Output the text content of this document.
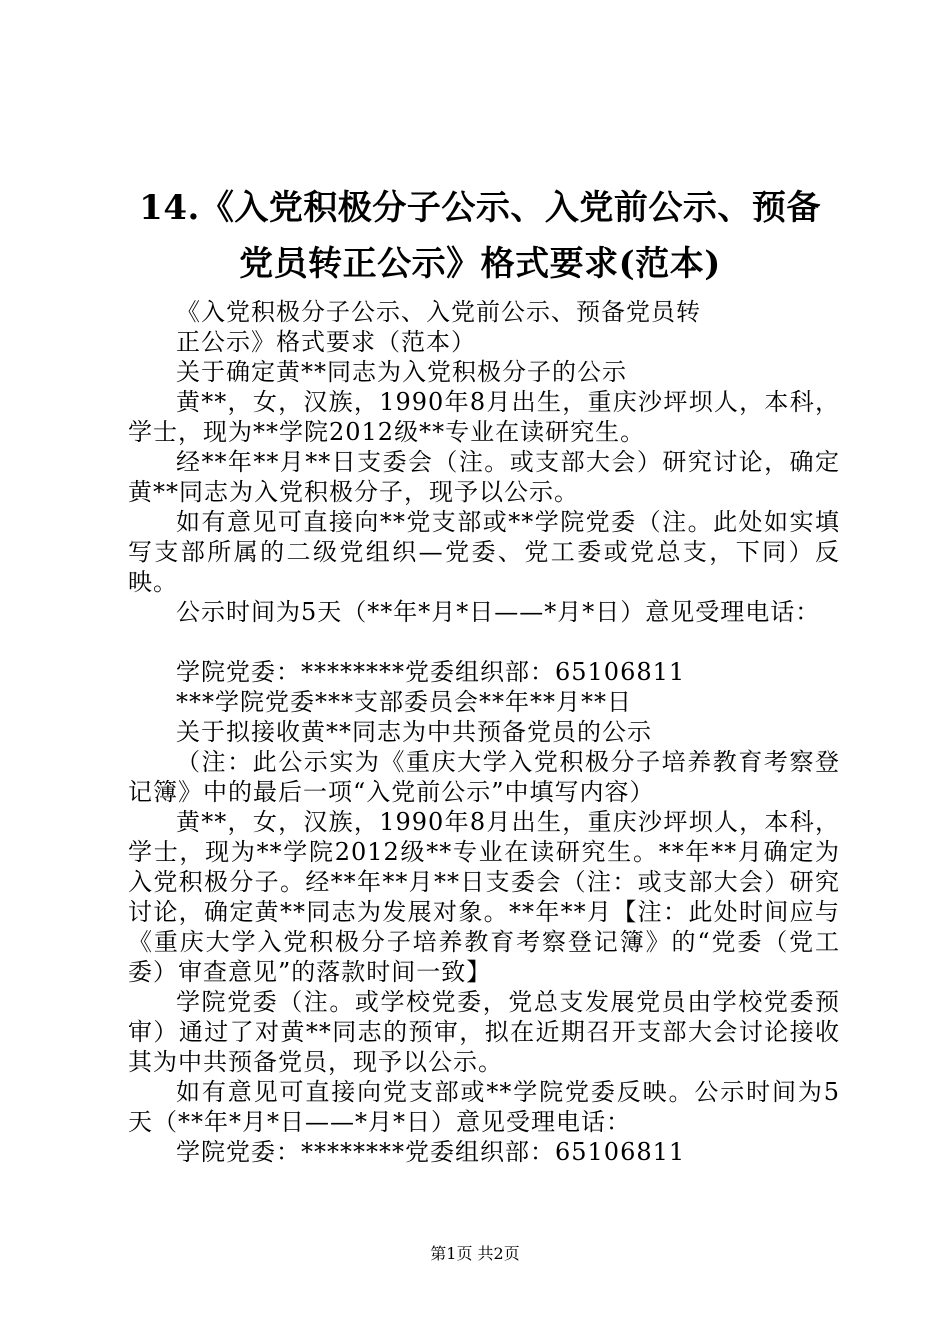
14.《入党积极分子公示、入党前公示、预备
党员转正公示》格式要求(范本)

《入党积极分子公示、入党前公示、预备党员转

正公示》格式要求（范本）

关于确定黄**同志为入党积极分子的公示

黄**，女，汉族，1990年8月出生，重庆沙坪坝人，本科，学士，现为**学院2012级**专业在读研究生。

经**年**月**日支委会（注。或支部大会）研究讨论，确定黄**同志为入党积极分子，现予以公示。

如有意见可直接向**党支部或**学院党委（注。此处如实填写支部所属的二级党组织—党委、党工委或党总支，下同）反映。

公示时间为5天（**年*月*日——*月*日）意见受理电话：

学院党委：********党委组织部：65106811

***学院党委***支部委员会**年**月**日

关于拟接收黄**同志为中共预备党员的公示

（注：此公示实为《重庆大学入党积极分子培养教育考察登记簿》中的最后一项“入党前公示”中填写内容）

黄**，女，汉族，1990年8月出生，重庆沙坪坝人，本科，学士，现为**学院2012级**专业在读研究生。**年**月确定为入党积极分子。经**年**月**日支委会（注：或支部大会）研究讨论，确定黄**同志为发展对象。**年**月【注：此处时间应与《重庆大学入党积极分子培养教育考察登记簿》的“党委（党工委）审查意见”的落款时间一致】

学院党委（注。或学校党委，党总支发展党员由学校党委预审）通过了对黄**同志的预审，拟在近期召开支部大会讨论接收其为中共预备党员，现予以公示。

如有意见可直接向党支部或**学院党委反映。公示时间为5天（**年*月*日——*月*日）意见受理电话：

学院党委：********党委组织部：65106811

第1页 共2页
